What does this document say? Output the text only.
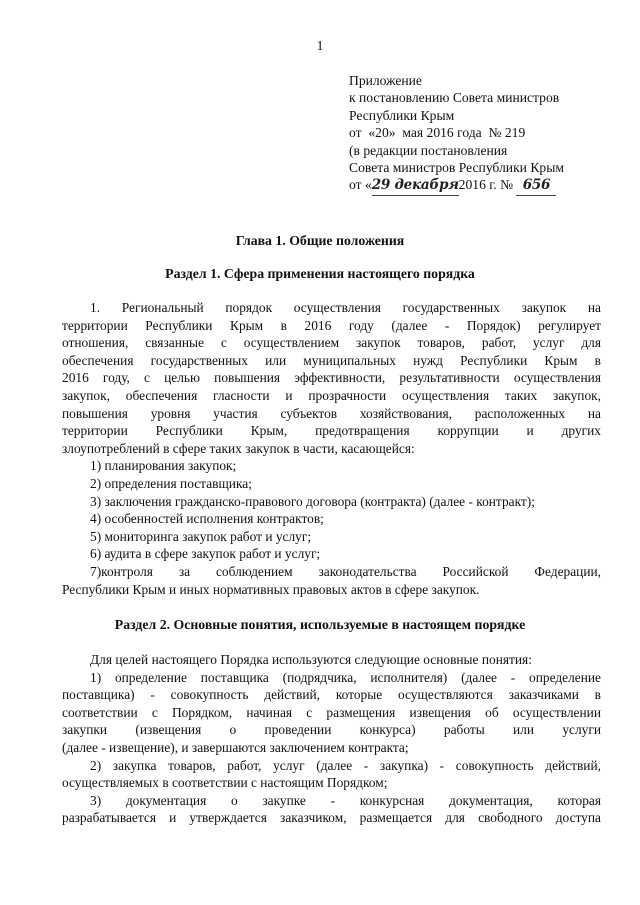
1
Приложение
к постановлению Совета министров
Республики Крым
от  «20»  мая 2016 года  № 219
(в редакции постановления
Совета министров Республики Крым
от «29 декабря2016 г. № 656
Глава 1. Общие положения
Раздел 1. Сфера применения настоящего порядка
1. Региональный порядок осуществления государственных закупок на
территории Республики Крым в 2016 году (далее - Порядок) регулирует
отношения, связанные с осуществлением закупок товаров, работ, услуг для
обеспечения государственных или муниципальных нужд Республики Крым в
2016 году, с целью повышения эффективности, результативности осуществления
закупок, обеспечения гласности и прозрачности осуществления таких закупок,
повышения уровня участия субъектов хозяйствования, расположенных на
территории Республики Крым, предотвращения коррупции и других
злоупотреблений в сфере таких закупок в части, касающейся:
1) планирования закупок;
2) определения поставщика;
3) заключения гражданско-правового договора (контракта) (далее - контракт);
4) особенностей исполнения контрактов;
5) мониторинга закупок работ и услуг;
6) аудита в сфере закупок работ и услуг;
7)контроля за соблюдением законодательства Российской Федерации,
Республики Крым и иных нормативных правовых актов в сфере закупок.
Раздел 2. Основные понятия, используемые в настоящем порядке
Для целей настоящего Порядка используются следующие основные понятия:
1) определение поставщика (подрядчика, исполнителя) (далее - определение
поставщика) - совокупность действий, которые осуществляются заказчиками в
соответствии с Порядком, начиная с размещения извещения об осуществлении
закупки (извещения о проведении конкурса) работы или услуги
(далее - извещение), и завершаются заключением контракта;
2) закупка товаров, работ, услуг (далее - закупка) - совокупность действий,
осуществляемых в соответствии с настоящим Порядком;
3) документация о закупке - конкурсная документация, которая
разрабатывается и утверждается заказчиком, размещается для свободного доступа
